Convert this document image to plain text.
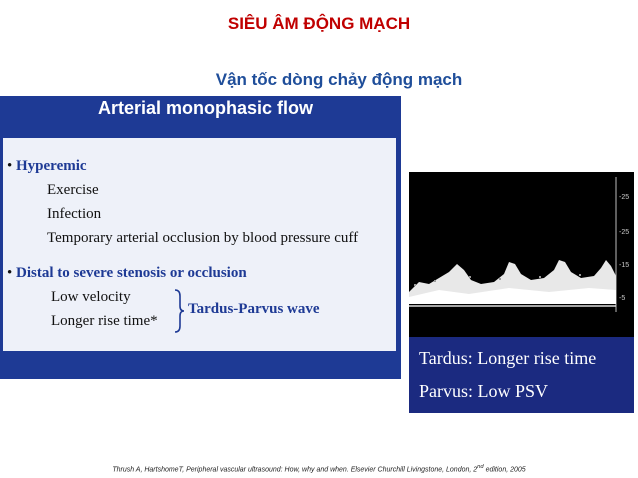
SIÊU ÂM ĐỘNG MẠCH
Vận tốc dòng chảy động mạch
Arterial monophasic flow
• Hyperemic
Exercise
Infection
Temporary arterial occlusion by blood pressure cuff
• Distal to severe stenosis or occlusion
Low velocity
Longer rise time*
Tardus-Parvus wave
* Rise time: time between beginning of systole & peak systole
-25
-25
-15
-5
Tardus: Longer rise time
Parvus: Low PSV
Thrush A, HartshomeT, Peripheral vascular ultrasound: How, why and when. Elsevier Churchill Livingstone, London, 2nd edition, 2005
